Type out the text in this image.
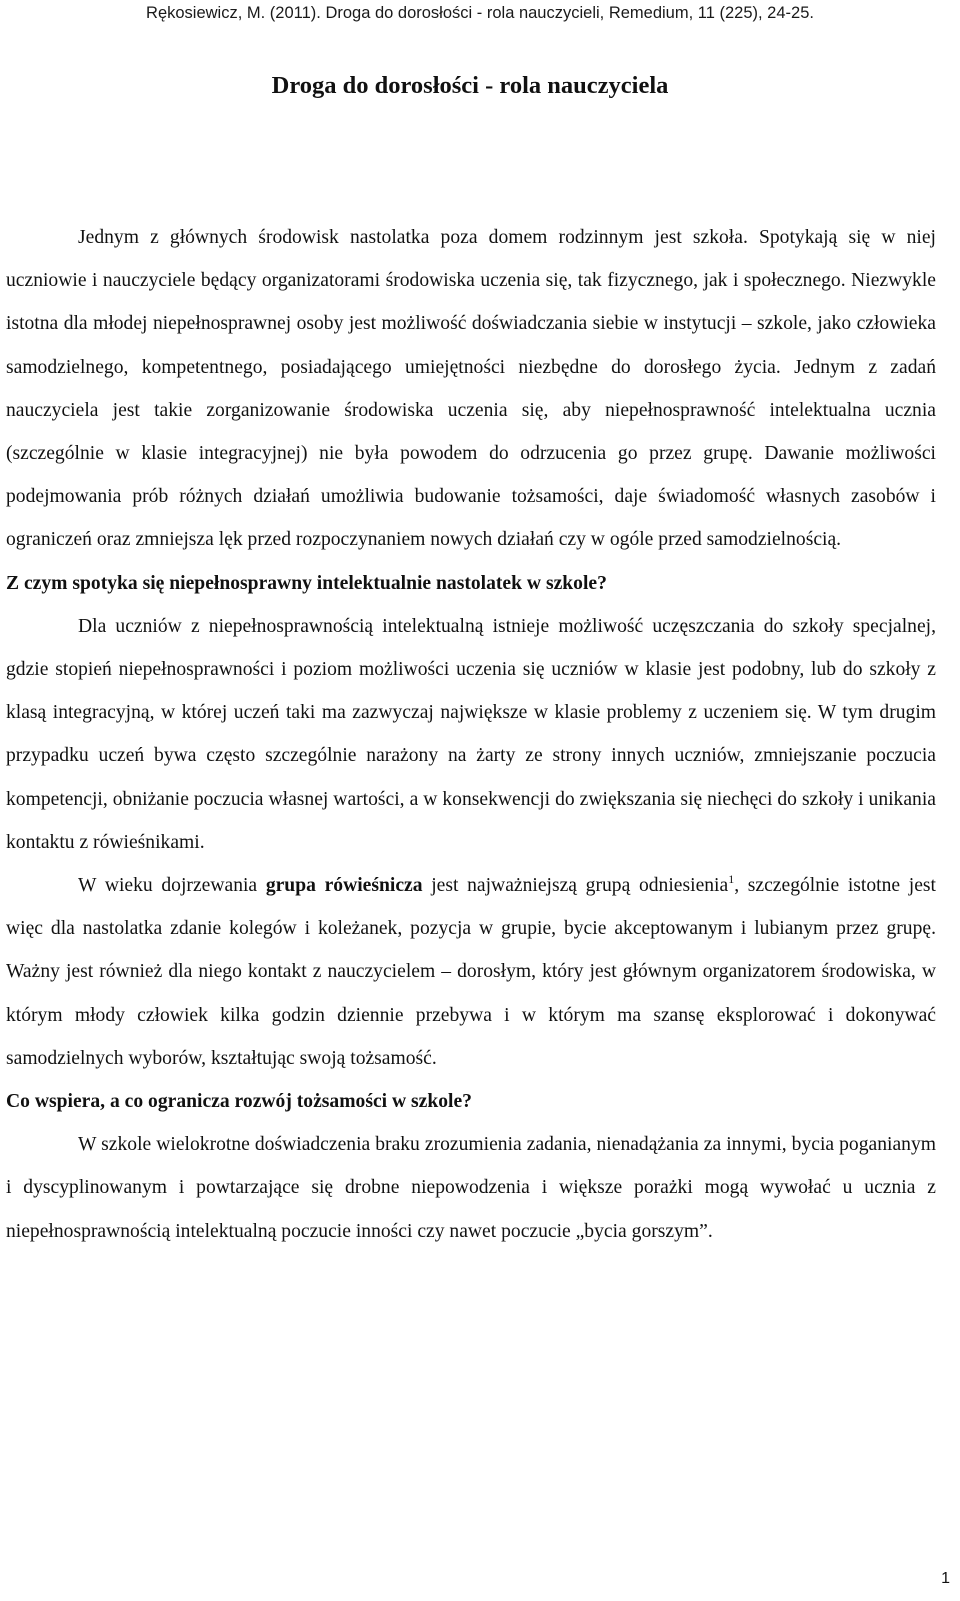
Rękosiewicz, M. (2011). Droga do dorosłości - rola nauczycieli, Remedium, 11 (225), 24-25.
Droga do dorosłości - rola nauczyciela

Jednym z głównych środowisk nastolatka poza domem rodzinnym jest szkoła. Spotykają się w niej uczniowie i nauczyciele będący organizatorami środowiska uczenia się, tak fizycznego, jak i społecznego. Niezwykle istotna dla młodej niepełnosprawnej osoby jest możliwość doświadczania siebie w instytucji – szkole, jako człowieka samodzielnego, kompetentnego, posiadającego umiejętności niezbędne do dorosłego życia. Jednym z zadań nauczyciela jest takie zorganizowanie środowiska uczenia się, aby niepełnosprawność intelektualna ucznia (szczególnie w klasie integracyjnej) nie była powodem do odrzucenia go przez grupę. Dawanie możliwości podejmowania prób różnych działań umożliwia budowanie tożsamości, daje świadomość własnych zasobów i ograniczeń oraz zmniejsza lęk przed rozpoczynaniem nowych działań czy w ogóle przed samodzielnością.

Z czym spotyka się niepełnosprawny intelektualnie nastolatek w szkole?

Dla uczniów z niepełnosprawnością intelektualną istnieje możliwość uczęszczania do szkoły specjalnej, gdzie stopień niepełnosprawności i poziom możliwości uczenia się uczniów w klasie jest podobny, lub do szkoły z klasą integracyjną, w której uczeń taki ma zazwyczaj największe w klasie problemy z uczeniem się. W tym drugim przypadku uczeń bywa często szczególnie narażony na żarty ze strony innych uczniów, zmniejszanie poczucia kompetencji, obniżanie poczucia własnej wartości, a w konsekwencji do zwiększania się niechęci do szkoły i unikania kontaktu z rówieśnikami.

W wieku dojrzewania grupa rówieśnicza jest najważniejszą grupą odniesienia$^1$, szczególnie istotne jest więc dla nastolatka zdanie kolegów i koleżanek, pozycja w grupie, bycie akceptowanym i lubianym przez grupę. Ważny jest również dla niego kontakt z nauczycielem – dorosłym, który jest głównym organizatorem środowiska, w którym młody człowiek kilka godzin dziennie przebywa i w którym ma szansę eksplorować i dokonywać samodzielnych wyborów, kształtując swoją tożsamość.

Co wspiera, a co ogranicza rozwój tożsamości w szkole?

W szkole wielokrotne doświadczenia braku zrozumienia zadania, nienadążania za innymi, bycia poganianym i dyscyplinowanym i powtarzające się drobne niepowodzenia i większe porażki mogą wywołać u ucznia z niepełnosprawnością intelektualną poczucie inności czy nawet poczucie „bycia gorszym”.

1
